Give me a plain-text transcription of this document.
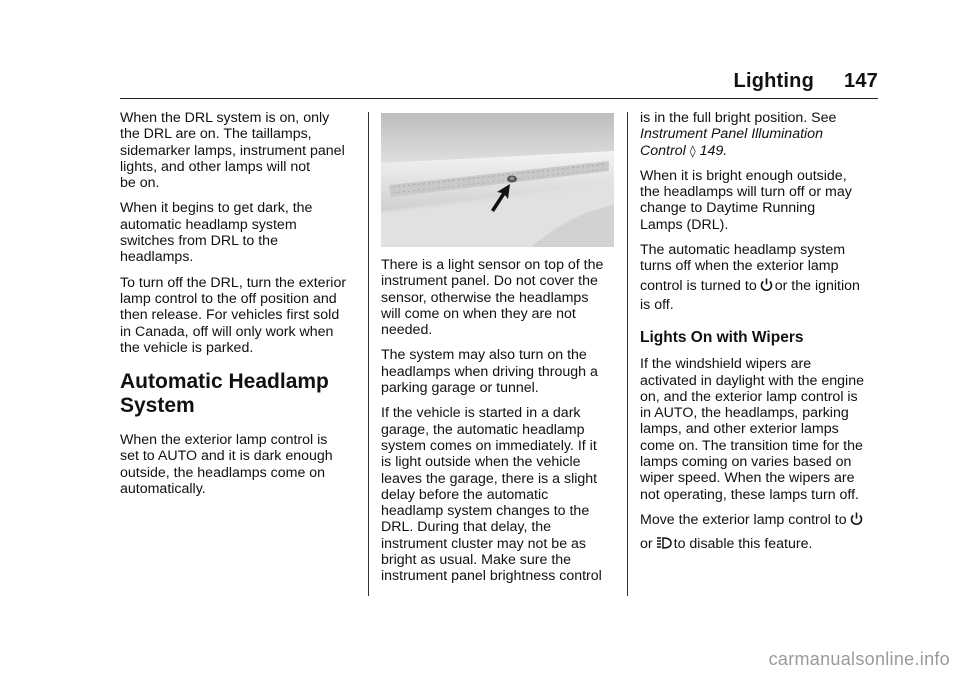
Lighting 147

When the DRL system is on, only
the DRL are on. The taillamps,
sidemarker lamps, instrument panel
lights, and other lamps will not
be on.

When it begins to get dark, the
automatic headlamp system
switches from DRL to the
headlamps.

To turn off the DRL, turn the exterior
lamp control to the off position and
then release. For vehicles first sold
in Canada, off will only work when
the vehicle is parked.

Automatic Headlamp
System

When the exterior lamp control is
set to AUTO and it is dark enough
outside, the headlamps come on
automatically.

There is a light sensor on top of the
instrument panel. Do not cover the
sensor, otherwise the headlamps
will come on when they are not
needed.

The system may also turn on the
headlamps when driving through a
parking garage or tunnel.

If the vehicle is started in a dark
garage, the automatic headlamp
system comes on immediately. If it
is light outside when the vehicle
leaves the garage, there is a slight
delay before the automatic
headlamp system changes to the
DRL. During that delay, the
instrument cluster may not be as
bright as usual. Make sure the
instrument panel brightness control

is in the full bright position. See
Instrument Panel Illumination
Control ◊ 149.

When it is bright enough outside,
the headlamps will turn off or may
change to Daytime Running
Lamps (DRL).

The automatic headlamp system
turns off when the exterior lamp
control is turned to or the ignition
is off.

Lights On with Wipers

If the windshield wipers are
activated in daylight with the engine
on, and the exterior lamp control is
in AUTO, the headlamps, parking
lamps, and other exterior lamps
come on. The transition time for the
lamps coming on varies based on
wiper speed. When the wipers are
not operating, these lamps turn off.

Move the exterior lamp control to
or to disable this feature.

carmanualsonline.info
